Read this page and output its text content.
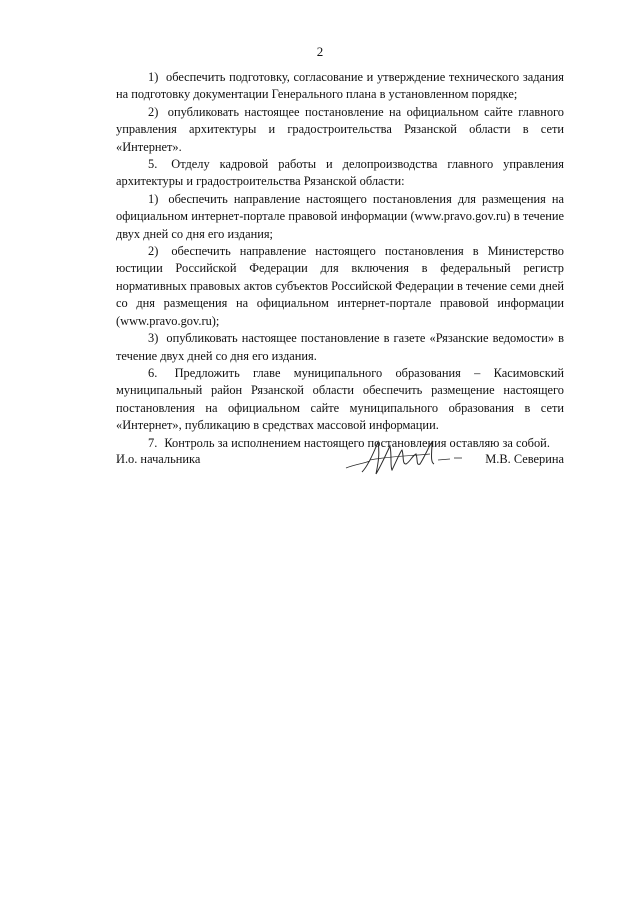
2

1) обеспечить подготовку, согласование и утверждение технического задания на подготовку документации Генерального плана в установленном порядке;

2) опубликовать настоящее постановление на официальном сайте главного управления архитектуры и градостроительства Рязанской области в сети «Интернет».

5. Отделу кадровой работы и делопроизводства главного управления архитектуры и градостроительства Рязанской области:

1) обеспечить направление настоящего постановления для размещения на официальном интернет-портале правовой информации (www.pravo.gov.ru) в течение двух дней со дня его издания;

2) обеспечить направление настоящего постановления в Министерство юстиции Российской Федерации для включения в федеральный регистр нормативных правовых актов субъектов Российской Федерации в течение семи дней со дня размещения на официальном интернет-портале правовой информации (www.pravo.gov.ru);

3) опубликовать настоящее постановление в газете «Рязанские ведомости» в течение двух дней со дня его издания.

6. Предложить главе муниципального образования – Касимовский муниципальный район Рязанской области обеспечить размещение настоящего постановления на официальном сайте муниципального образования в сети «Интернет», публикацию в средствах массовой информации.

7. Контроль за исполнением настоящего постановления оставляю за собой.

И.о. начальника	М.В. Северина
